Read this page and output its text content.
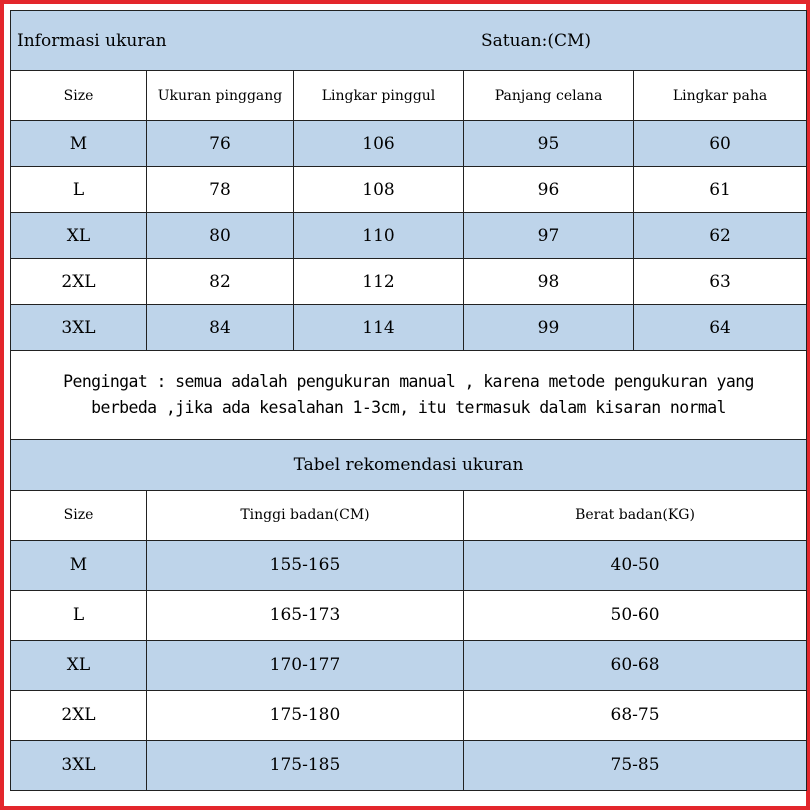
Informasi ukuran Satuan:(CM)				

Size	Ukuran pinggang	Lingkar pinggul	Panjang celana	Lingkar paha
M	76	106	95	60
L	78	108	96	61
XL	80	110	97	62
2XL	82	112	98	63
3XL	84	114	99	64

Pengingat : semua adalah pengukuran manual , karena metode pengukuran yang
berbeda ,jika ada kesalahan 1-3cm, itu termasuk dalam kisaran normal				
Tabel rekomendasi ukuran		
Size	Tinggi badan(CM)	Berat badan(KG)
M	155-165	40-50
L	165-173	50-60
XL	170-177	60-68
2XL	175-180	68-75
3XL	175-185	75-85
